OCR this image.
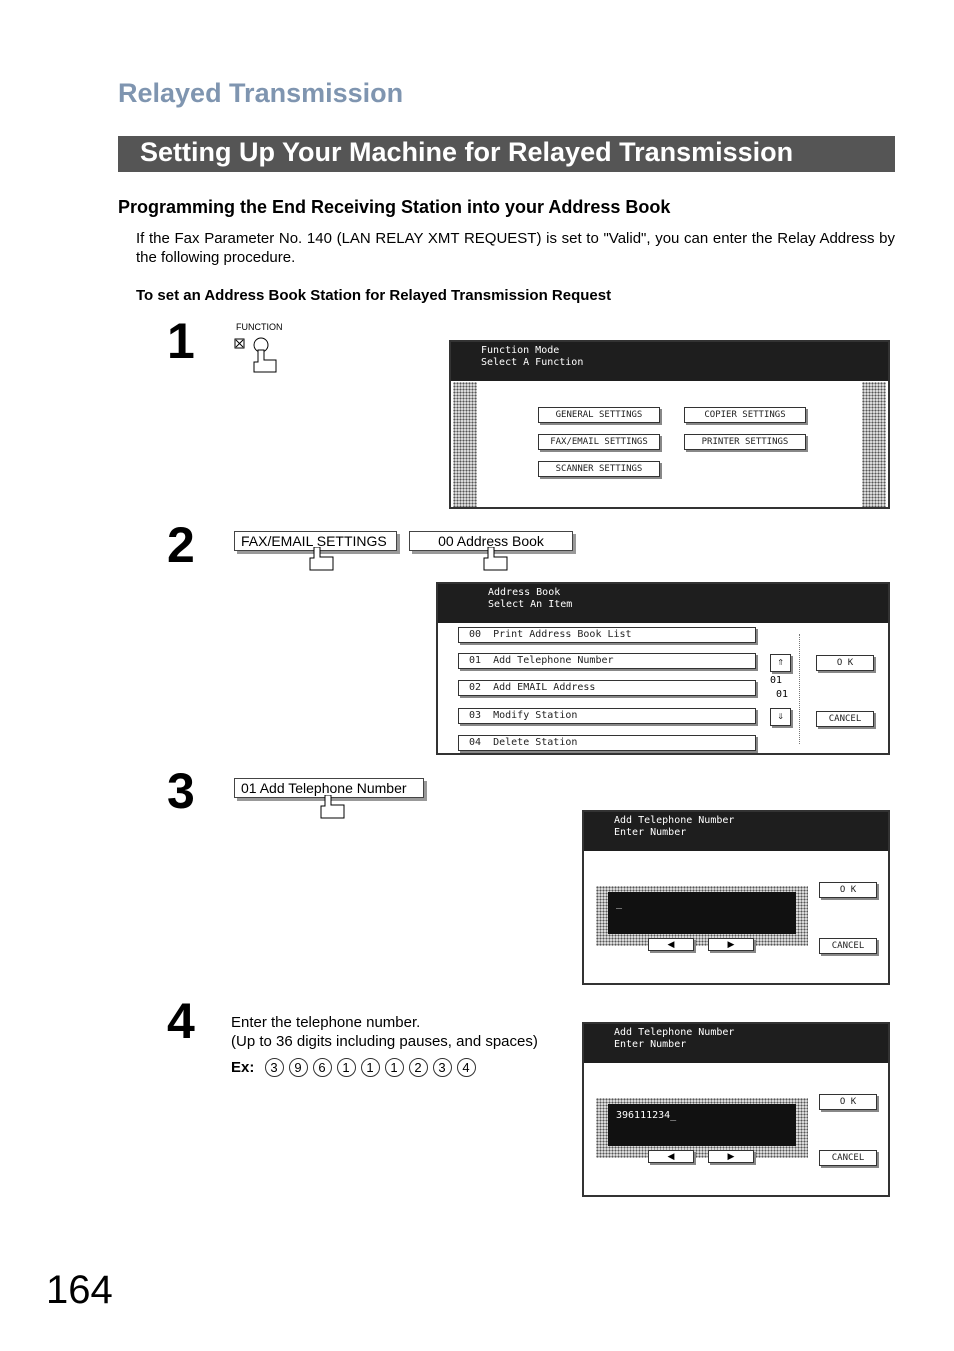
Relayed Transmission
Setting Up Your Machine for Relayed Transmission
Programming the End Receiving Station into your Address Book
If the Fax Parameter No. 140 (LAN RELAY XMT REQUEST) is set to "Valid", you can enter the Relay Address by the following procedure.
To set an Address Book Station for Relayed Transmission Request
1	FUNCTION
Function Mode
Select A Function
GENERAL SETTINGS	COPIER SETTINGS
FAX/EMAIL SETTINGS	PRINTER SETTINGS
SCANNER SETTINGS
2	FAX/EMAIL SETTINGS	00 Address Book
Address Book
Select An Item
00 Print Address Book List
01 Add Telephone Number
02 Add EMAIL Address
03 Modify Station
04 Delete Station
⇑
01
01
⇓
O K
CANCEL
3	01 Add Telephone Number
Add Telephone Number
Enter Number
_
◀	▶
O K
CANCEL
4 Enter the telephone number.
(Up to 36 digits including pauses, and spaces)
Ex: 3 9 6 1 1 1 2 3 4
Add Telephone Number
Enter Number
396111234_
◀	▶
O K
CANCEL
164
